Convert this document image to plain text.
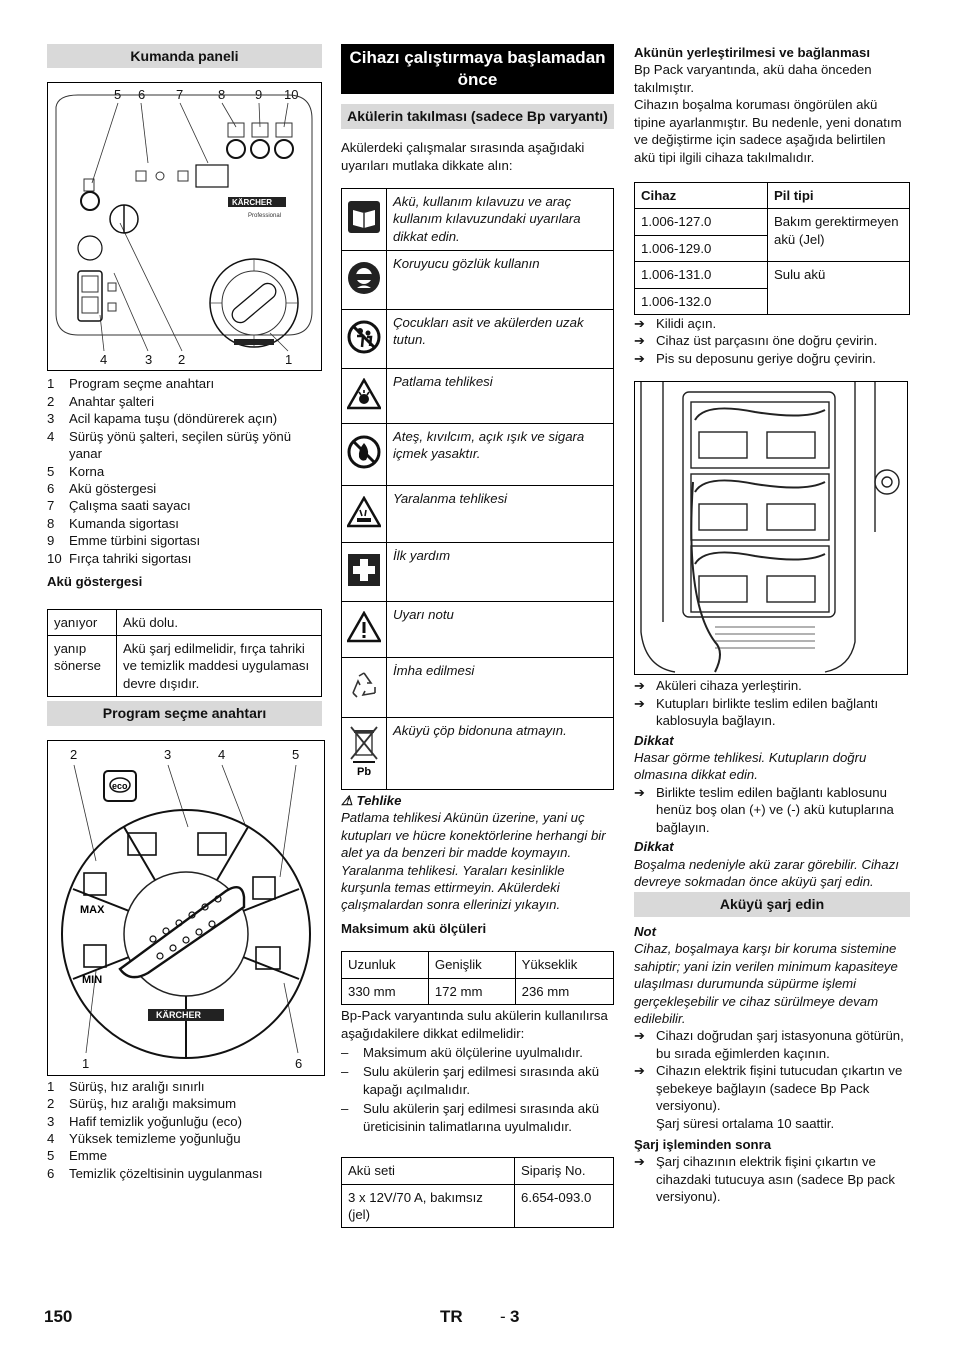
Kumanda paneli
5 6 7	8 9 10
4	3 2	1
KÄRCHER
Professional
1	Program seçme anahtarı
2	Anahtar şalteri
3	Acil kapama tuşu (döndürerek açın)
4	Sürüş yönü şalteri, seçilen sürüş yönü yanar
5	Korna
6	Akü göstergesi
7	Çalışma saati sayacı
8	Kumanda sigortası
9	Emme türbini sigortası
10 Fırça tahriki sigortası
Akü göstergesi
yanıyor	Akü dolu.
yanıp sönerse	Akü şarj edilmelidir, fırça tahriki ve temizlik maddesi uygulaması devre dışıdır.
Program seçme anahtarı
2	3	4	5
1	6
eco
MAX
MIN
KÄRCHER
1	Sürüş, hız aralığı sınırlı
2	Sürüş, hız aralığı maksimum
3	Hafif temizlik yoğunluğu (eco)
4	Yüksek temizleme yoğunluğu
5	Emme
6	Temizlik çözeltisinin uygulanması
Cihazı çalıştırmaya başlamadan önce
Akülerin takılması (sadece Bp varyantı)

Akülerdeki çalışmalar sırasında aşağıdaki uyarıları mutlaka dikkate alın:

	Akü, kullanım kılavuzu ve araç kullanım kılavuzundaki uyarılara dikkat edin.
	Koruyucu gözlük kullanın
	Çocukları asit ve akülerden uzak tutun.
	Patlama tehlikesi
	Ateş, kıvılcım, açık ışık ve sigara içmek yasaktır.
	Yaralanma tehlikesi
	İlk yardım
	Uyarı notu
	İmha edilmesi

Pb	Aküyü çöp bidonuna atmayın.

⚠ Tehlike

Patlama tehlikesi Akünün üzerine, yani uç kutupları ve hücre konektörlerine herhangi bir alet ya da benzeri bir madde koymayın. Yaralanma tehlikesi. Yaraları kesinlikle kurşunla temas ettirmeyin. Akülerdeki çalışmalardan sonra ellerinizi yıkayın.

Maksimum akü ölçüleri
Uzunluk	Genişlik	Yükseklik
330 mm	172 mm	236 mm

Bp-Pack varyantında sulu akülerin kullanılırsa aşağıdakilere dikkat edilmelidir:

–	Maksimum akü ölçülerine uyulmalıdır.
–	Sulu akülerin şarj edilmesi sırasında akü kapağı açılmalıdır.
–	Sulu akülerin şarj edilmesi sırasında akü üreticisinin talimatlarına uyulmalıdır.
Akü seti	Sipariş No.
3 x 12V/70 A, bakımsız (jel)	6.654-093.0
Akünün yerleştirilmesi ve bağlanması

Bp Pack varyantında, akü daha önceden takılmıştır.

Cihazın boşalma koruması öngörülen akü tipine ayarlanmıştır. Bu nedenle, yeni donatım ve değiştirme için sadece aşağıda belirtilen akü tipi ilgili cihaza takılmalıdır.

Cihaz	Pil tipi
1.006-127.0	Bakım gerektirmeyen akü (Jel)
1.006-129.0	
1.006-131.0	Sulu akü
1.006-132.0	
➔ Kilidi açın.
➔ Cihaz üst parçasını öne doğru çevirin.
➔ Pis su deposunu geriye doğru çevirin.
➔ Aküleri cihaza yerleştirin.
➔ Kutupları birlikte teslim edilen bağlantı kablosuyla bağlayın.

Dikkat

Hasar görme tehlikesi. Kutupların doğru olmasına dikkat edin.

➔ Birlikte teslim edilen bağlantı kablosunu henüz boş olan (+) ve (-) akü kutuplarına bağlayın.

Dikkat

Boşalma nedeniyle akü zarar görebilir. Cihazı devreye sokmadan önce aküyü şarj edin.

Aküyü şarj edin

Not

Cihaz, boşalmaya karşı bir koruma sistemine sahiptir; yani izin verilen minimum kapasiteye ulaşılması durumunda süpürme işlemi gerçekleşebilir ve cihaz sürülmeye devam edilebilir.

➔ Cihazı doğrudan şarj istasyonuna götürün, bu sırada eğimlerden kaçının.
➔ Cihazın elektrik fişini tutucudan çıkartın ve şebekeye bağlayın (sadece Bp Pack versiyonu).
Şarj süresi ortalama 10 saattir.
Şarj işleminden sonra
➔ Şarj cihazının elektrik fişini çıkartın ve cihazdaki tutucuya asın (sadece Bp pack versiyonu).
150	TR - 3
